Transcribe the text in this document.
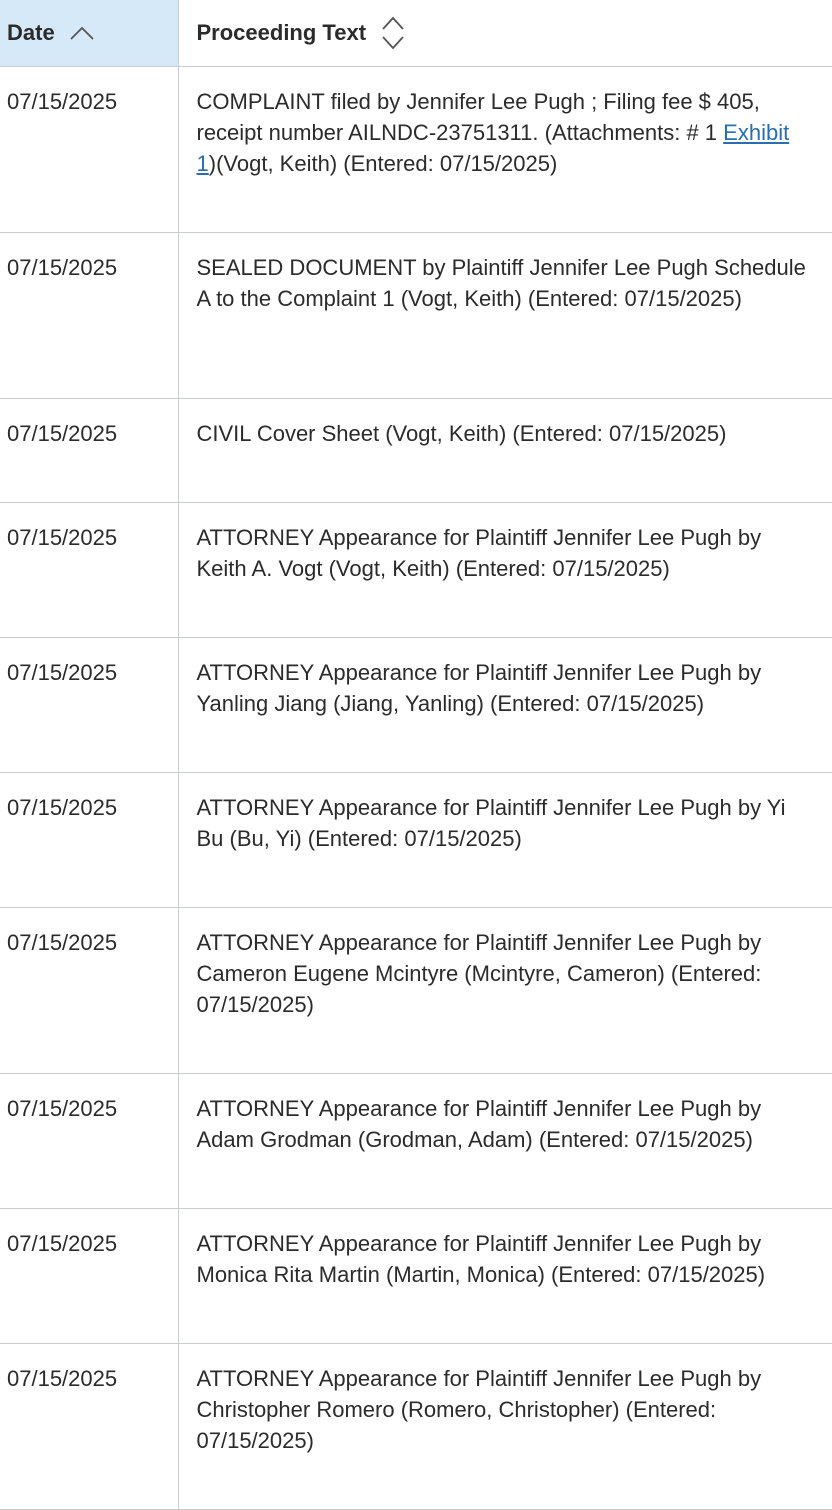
Date	Proceeding Text

07/15/2025	COMPLAINT filed by Jennifer Lee Pugh ; Filing fee $ 405, receipt number AILNDC-23751311. (Attachments: # 1 Exhibit 1)(Vogt, Keith) (Entered: 07/15/2025)
07/15/2025	SEALED DOCUMENT by Plaintiff Jennifer Lee Pugh Schedule A to the Complaint 1 (Vogt, Keith) (Entered: 07/15/2025)
07/15/2025	CIVIL Cover Sheet (Vogt, Keith) (Entered: 07/15/2025)
07/15/2025	ATTORNEY Appearance for Plaintiff Jennifer Lee Pugh by Keith A. Vogt (Vogt, Keith) (Entered: 07/15/2025)
07/15/2025	ATTORNEY Appearance for Plaintiff Jennifer Lee Pugh by Yanling Jiang (Jiang, Yanling) (Entered: 07/15/2025)
07/15/2025	ATTORNEY Appearance for Plaintiff Jennifer Lee Pugh by Yi Bu (Bu, Yi) (Entered: 07/15/2025)
07/15/2025	ATTORNEY Appearance for Plaintiff Jennifer Lee Pugh by Cameron Eugene Mcintyre (Mcintyre, Cameron) (Entered: 07/15/2025)
07/15/2025	ATTORNEY Appearance for Plaintiff Jennifer Lee Pugh by Adam Grodman (Grodman, Adam) (Entered: 07/15/2025)
07/15/2025	ATTORNEY Appearance for Plaintiff Jennifer Lee Pugh by Monica Rita Martin (Martin, Monica) (Entered: 07/15/2025)
07/15/2025	ATTORNEY Appearance for Plaintiff Jennifer Lee Pugh by Christopher Romero (Romero, Christopher) (Entered: 07/15/2025)
